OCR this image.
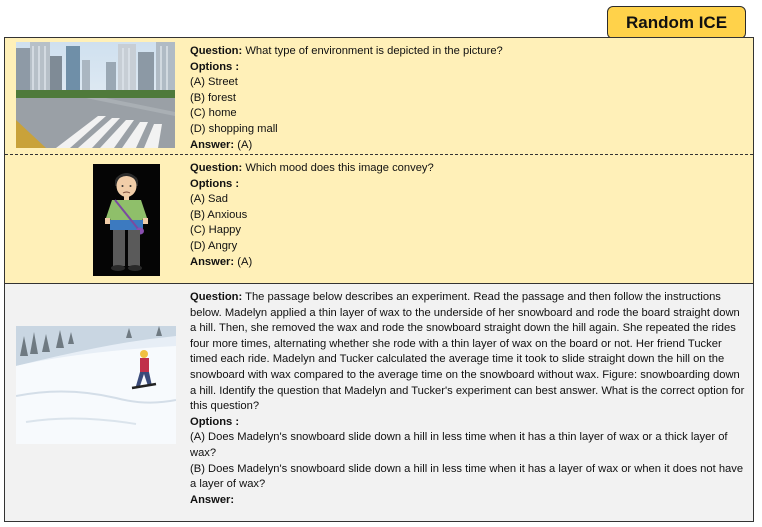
Random ICE
Question: What type of environment is depicted in the picture?
Options :
(A) Street
(B) forest
(C) home
(D) shopping mall
Answer: (A)
Question: Which mood does this image convey?
Options :
(A) Sad
(B) Anxious
(C) Happy
(D) Angry
Answer: (A)
Question: The passage below describes an experiment. Read the passage and then follow the instructions below. Madelyn applied a thin layer of wax to the underside of her snowboard and rode the board straight down a hill. Then, she removed the wax and rode the snowboard straight down the hill again. She repeated the rides four more times, alternating whether she rode with a thin layer of wax on the board or not. Her friend Tucker timed each ride. Madelyn and Tucker calculated the average time it took to slide straight down the hill on the snowboard with wax compared to the average time on the snowboard without wax. Figure: snowboarding down a hill. Identify the question that Madelyn and Tucker's experiment can best answer. What is the correct option for this question?
Options :
(A) Does Madelyn's snowboard slide down a hill in less time when it has a thin layer of wax or a thick layer of wax?
(B) Does Madelyn's snowboard slide down a hill in less time when it has a layer of wax or when it does not have a layer of wax?
Answer:
